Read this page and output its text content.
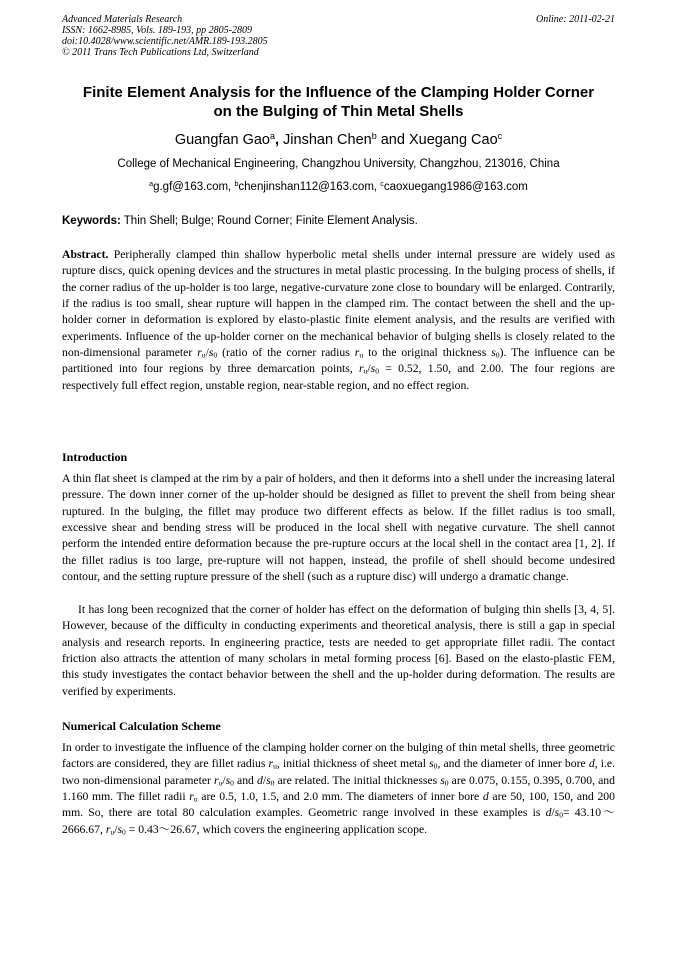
Advanced Materials Research
ISSN: 1662-8985, Vols. 189-193, pp 2805-2809
doi:10.4028/www.scientific.net/AMR.189-193.2805
© 2011 Trans Tech Publications Ltd, Switzerland
Online: 2011-02-21
Finite Element Analysis for the Influence of the Clamping Holder Corner
on the Bulging of Thin Metal Shells
Guangfan Gao$^a$, Jinshan Chen$^b$ and Xuegang Cao$^c$
College of Mechanical Engineering, Changzhou University, Changzhou, 213016, China
$^a$g.gf@163.com, $^b$chenjinshan112@163.com, $^c$caoxuegang1986@163.com
Keywords: Thin Shell; Bulge; Round Corner; Finite Element Analysis.
Abstract. Peripherally clamped thin shallow hyperbolic metal shells under internal pressure are widely used as rupture discs, quick opening devices and the structures in metal plastic processing. In the bulging process of shells, if the corner radius of the up-holder is too large, negative-curvature zone close to boundary will be enlarged. Contrarily, if the radius is too small, shear rupture will happen in the clamped rim. The contact between the shell and the up-holder corner in deformation is explored by elasto-plastic finite element analysis, and the results are verified with experiments. Influence of the up-holder corner on the mechanical behavior of bulging shells is closely related to the non-dimensional parameter $r_u/s_0$ (ratio of the corner radius $r_u$ to the original thickness $s_0$). The influence can be partitioned into four regions by three demarcation points, $r_u/s_0 = 0.52$, 1.50, and 2.00. The four regions are respectively full effect region, unstable region, near-stable region, and no effect region.
Introduction
A thin flat sheet is clamped at the rim by a pair of holders, and then it deforms into a shell under the increasing lateral pressure. The down inner corner of the up-holder should be designed as fillet to prevent the shell from being shear ruptured. In the bulging, the fillet may produce two different effects as below. If the fillet radius is too small, excessive shear and bending stress will be produced in the local shell with negative curvature. The shell cannot perform the intended entire deformation because the pre-rupture occurs at the local shell in the contact area [1, 2]. If the fillet radius is too large, pre-rupture will not happen, instead, the profile of shell should become undesired contour, and the setting rupture pressure of the shell (such as a rupture disc) will undergo a dramatic change.
It has long been recognized that the corner of holder has effect on the deformation of bulging thin shells [3, 4, 5]. However, because of the difficulty in conducting experiments and theoretical analysis, there is still a gap in special analysis and research reports. In engineering practice, tests are needed to get appropriate fillet radii. The contact friction also attracts the attention of many scholars in metal forming process [6]. Based on the elasto-plastic FEM, this study investigates the contact behavior between the shell and the up-holder during deformation. The results are verified by experiments.
Numerical Calculation Scheme
In order to investigate the influence of the clamping holder corner on the bulging of thin metal shells, three geometric factors are considered, they are fillet radius $r_u$, initial thickness of sheet metal $s_0$, and the diameter of inner bore d, i.e. two non-dimensional parameter $r_u/s_0$ and $d/s_0$ are related. The initial thicknesses $s_0$ are 0.075, 0.155, 0.395, 0.700, and 1.160 mm. The fillet radii $r_u$ are 0.5, 1.0, 1.5, and 2.0 mm. The diameters of inner bore d are 50, 100, 150, and 200 mm. So, there are total 80 calculation examples. Geometric range involved in these examples is $d/s_0=$ 43.10～2666.67, $r_u/s_0$ = 0.43～26.67, which covers the engineering application scope.
